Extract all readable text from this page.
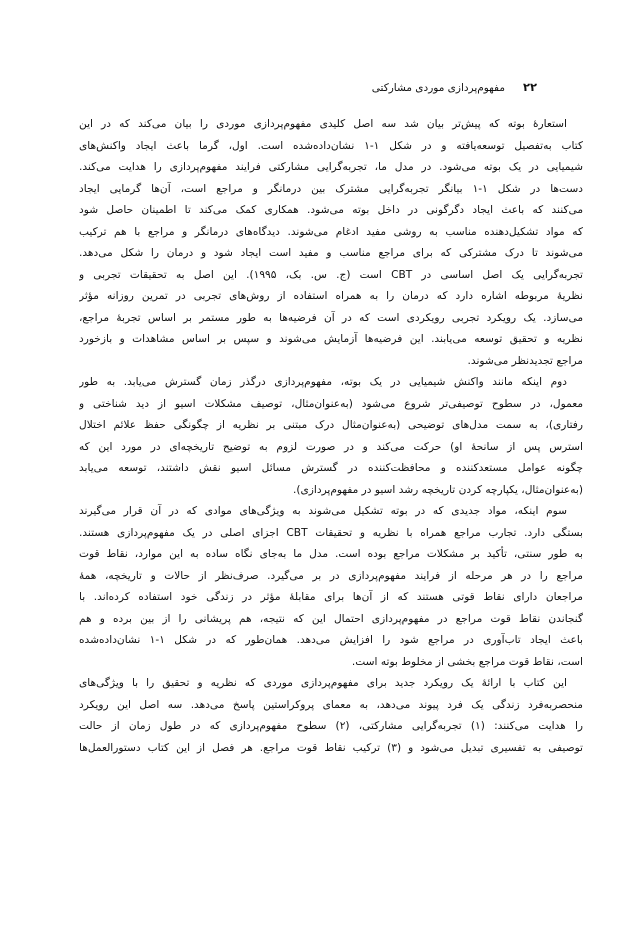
۲۲
مفهوم‌پردازی موردی مشارکتی
استعارۀ بوته که پیش‌تر بیان شد سه اصل کلیدی مفهوم‌پردازی موردی را بیان می‌کند که در این
کتاب به‌تفصیل توسعه‌یافته و در شکل ۱-۱ نشان‌داده‌شده است. اول، گرما باعث ایجاد واکنش‌های
شیمیایی در یک بوته می‌شود. در مدل ما، تجربه‌گرایی مشارکتی فرایند مفهوم‌پردازی را هدایت می‌کند.
دست‌ها در شکل ۱-۱ بیانگر تجربه‌گرایی مشترک بین درمانگر و مراجع است، آن‌ها گرمایی ایجاد
می‌کنند که باعث ایجاد دگرگونی در داخل بوته می‌شود. همکاری کمک می‌کند تا اطمینان حاصل شود
که مواد تشکیل‌دهنده مناسب به روشی مفید ادغام می‌شوند. دیدگاه‌های درمانگر و مراجع با هم ترکیب
می‌شوند تا درک مشترکی که برای مراجع مناسب و مفید است ایجاد شود و درمان را شکل می‌دهد.
تجربه‌گرایی یک اصل اساسی در CBT است (ج. س. بک، ۱۹۹۵). این اصل به تحقیقات تجربی و
نظریۀ مربوطه اشاره دارد که درمان را به همراه استفاده از روش‌های تجربی در تمرین روزانه مؤثر
می‌سازد. یک رویکرد تجربی رویکردی است که در آن فرضیه‌ها به طور مستمر بر اساس تجربۀ مراجع،
نظریه و تحقیق توسعه می‌یابند. این فرضیه‌ها آزمایش می‌شوند و سپس بر اساس مشاهدات و بازخورد
مراجع تجدیدنظر می‌شوند.
دوم اینکه مانند واکنش شیمیایی در یک بوته، مفهوم‌پردازی درگذر زمان گسترش می‌یابد. به طور
معمول، در سطوح توصیفی‌تر شروع می‌شود (به‌عنوان‌مثال، توصیف مشکلات اسیو از دید شناختی و
رفتاری)، به سمت مدل‌های توضیحی (به‌عنوان‌مثال درک مبتنی بر نظریه از چگونگی حفظ علائم اختلال
استرس پس از سانحۀ او) حرکت می‌کند و در صورت لزوم به توضیح تاریخچه‌ای در مورد این که
چگونه عوامل مستعدکننده و محافظت‌کننده در گسترش مسائل اسیو نقش داشتند، توسعه می‌یابد
(به‌عنوان‌مثال، یکپارچه کردن تاریخچه رشد اسیو در مفهوم‌پردازی).
سوم اینکه، مواد جدیدی که در بوته تشکیل می‌شوند به ویژگی‌های موادی که در آن قرار می‌گیرند
بستگی دارد. تجارب مراجع همراه با نظریه و تحقیقات CBT اجزای اصلی در یک مفهوم‌پردازی هستند.
به طور سنتی، تأکید بر مشکلات مراجع بوده است. مدل ما به‌جای نگاه ساده به این موارد، نقاط قوت
مراجع را در هر مرحله از فرایند مفهوم‌پردازی در بر می‌گیرد. صرف‌نظر از حالات و تاریخچه، همۀ
مراجعان دارای نقاط قوتی هستند که از آن‌ها برای مقابلۀ مؤثر در زندگی خود استفاده کرده‌اند. با
گنجاندن نقاط قوت مراجع در مفهوم‌پردازی احتمال این که نتیجه، هم پریشانی را از بین برده و هم
باعث ایجاد تاب‌آوری در مراجع شود را افزایش می‌دهد. همان‌طور که در شکل ۱-۱ نشان‌داده‌شده
است، نقاط قوت مراجع بخشی از مخلوط بوته است.
این کتاب با ارائۀ یک رویکرد جدید برای مفهوم‌پردازی موردی که نظریه و تحقیق را با ویژگی‌های
منحصربه‌فرد زندگی یک فرد پیوند می‌دهد، به معمای پروکراستین پاسخ می‌دهد. سه اصل این رویکرد
را هدایت می‌کنند: (۱) تجربه‌گرایی مشارکتی، (۲) سطوح مفهوم‌پردازی که در طول زمان از حالت
توصیفی به تفسیری تبدیل می‌شود و (۳) ترکیب نقاط قوت مراجع. هر فصل از این کتاب دستورالعمل‌ها
